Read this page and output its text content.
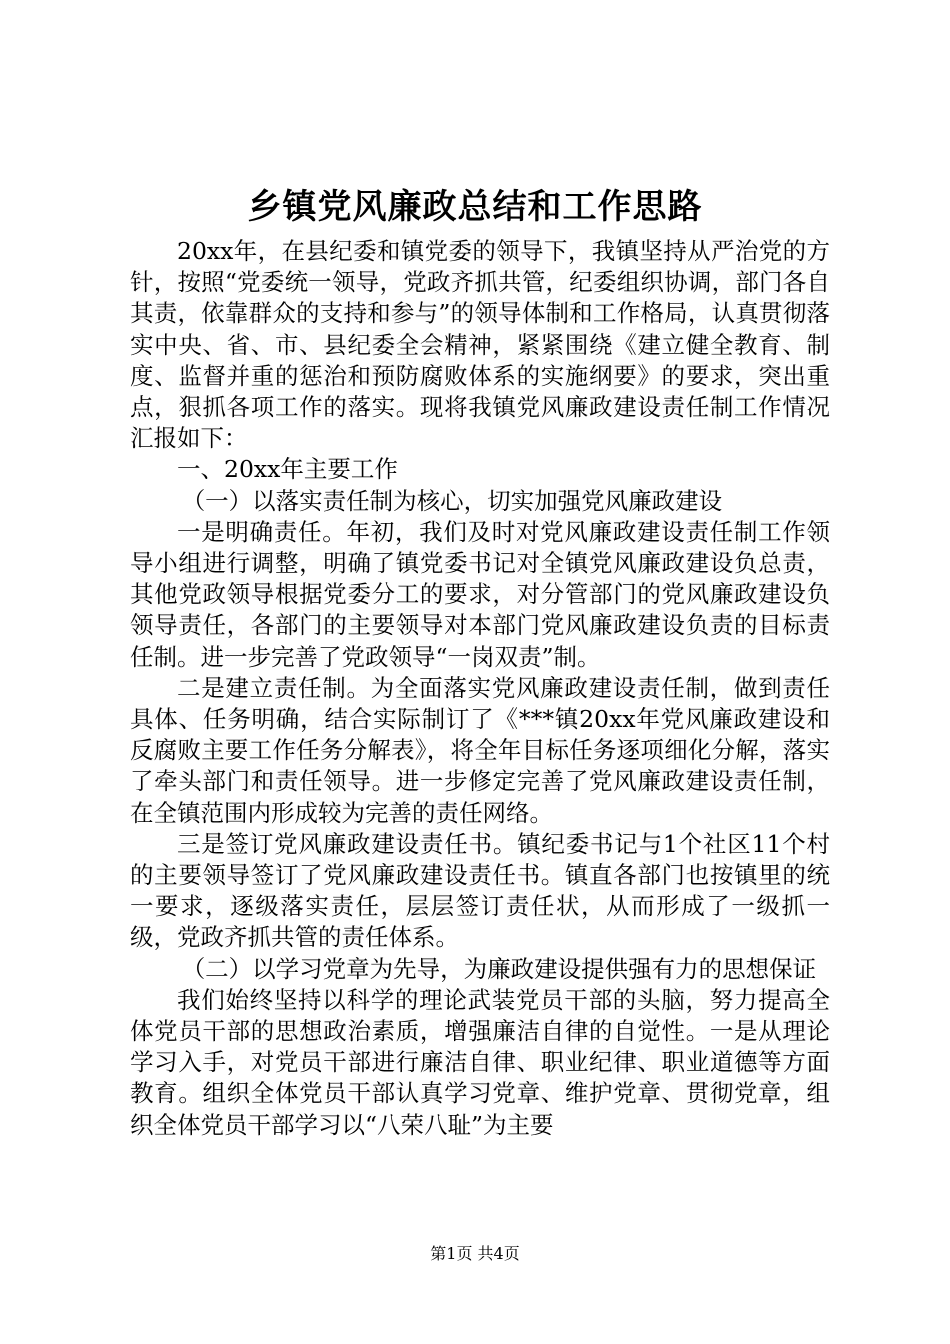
乡镇党风廉政总结和工作思路

20xx年，在县纪委和镇党委的领导下，我镇坚持从严治党的方针，按照“党委统一领导，党政齐抓共管，纪委组织协调，部门各自其责，依靠群众的支持和参与”的领导体制和工作格局，认真贯彻落实中央、省、市、县纪委全会精神，紧紧围绕《建立健全教育、制度、监督并重的惩治和预防腐败体系的实施纲要》的要求，突出重点，狠抓各项工作的落实。现将我镇党风廉政建设责任制工作情况汇报如下：

一、20xx年主要工作

（一）以落实责任制为核心，切实加强党风廉政建设

一是明确责任。年初，我们及时对党风廉政建设责任制工作领导小组进行调整，明确了镇党委书记对全镇党风廉政建设负总责，其他党政领导根据党委分工的要求，对分管部门的党风廉政建设负领导责任，各部门的主要领导对本部门党风廉政建设负责的目标责任制。进一步完善了党政领导“一岗双责”制。

二是建立责任制。为全面落实党风廉政建设责任制，做到责任具体、任务明确，结合实际制订了《***镇20xx年党风廉政建设和反腐败主要工作任务分解表》，将全年目标任务逐项细化分解，落实了牵头部门和责任领导。进一步修定完善了党风廉政建设责任制，在全镇范围内形成较为完善的责任网络。

三是签订党风廉政建设责任书。镇纪委书记与1个社区11个村的主要领导签订了党风廉政建设责任书。镇直各部门也按镇里的统一要求，逐级落实责任，层层签订责任状，从而形成了一级抓一级，党政齐抓共管的责任体系。

（二）以学习党章为先导，为廉政建设提供强有力的思想保证

我们始终坚持以科学的理论武装党员干部的头脑，努力提高全体党员干部的思想政治素质，增强廉洁自律的自觉性。一是从理论学习入手，对党员干部进行廉洁自律、职业纪律、职业道德等方面教育。组织全体党员干部认真学习党章、维护党章、贯彻党章，组织全体党员干部学习以“八荣八耻”为主要

第1页 共4页
